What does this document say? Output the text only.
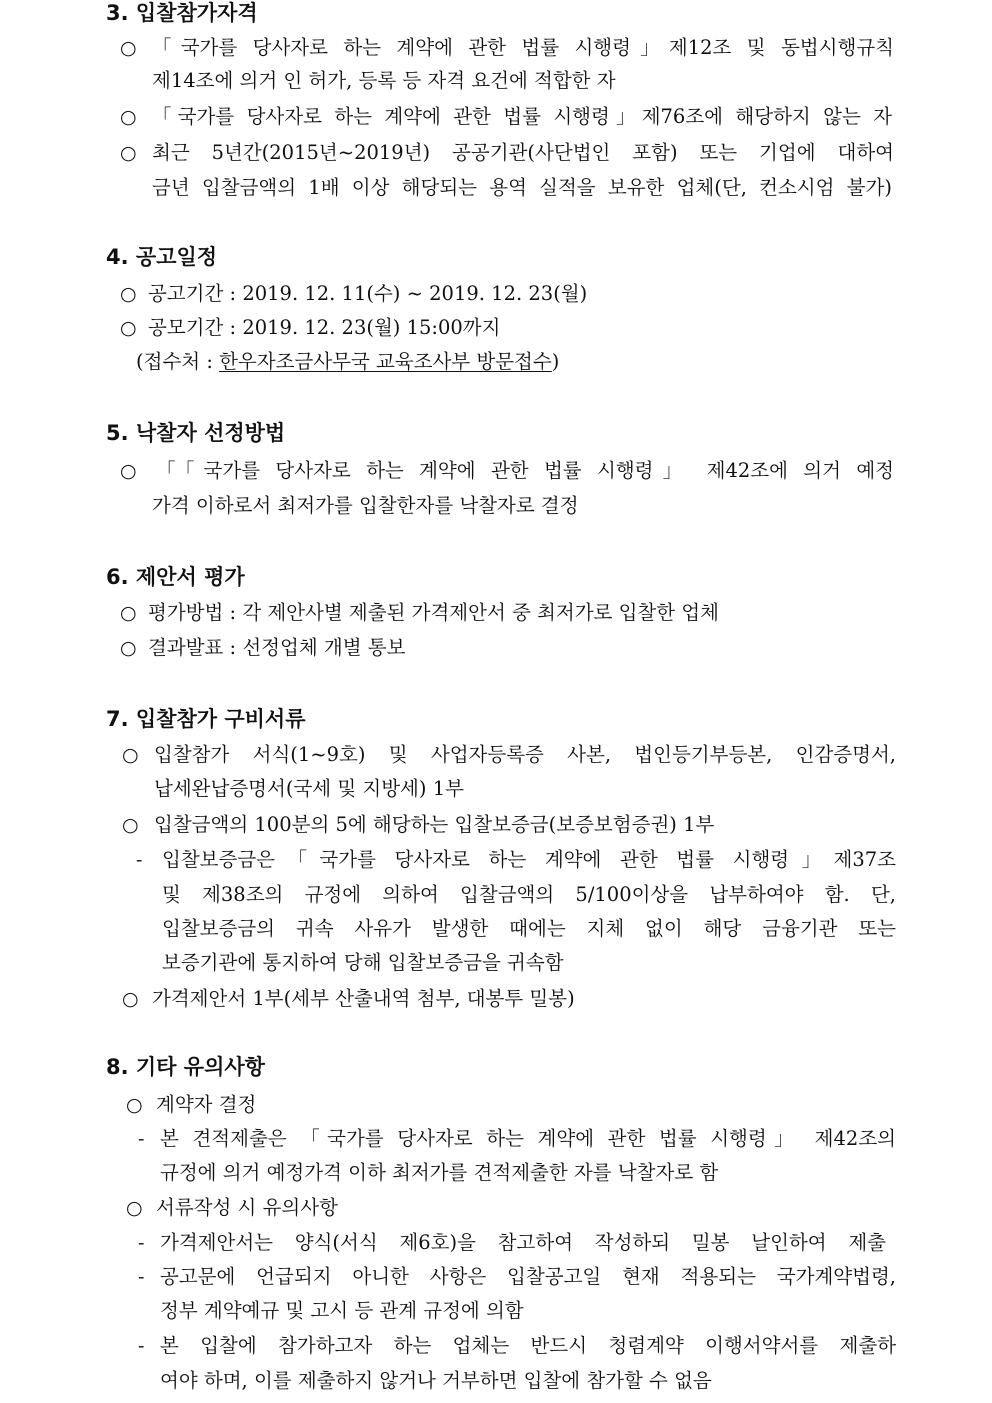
3. 입찰참가자격
○ 「국가를 당사자로 하는 계약에 관한 법률 시행령」제12조 및 동법시행규칙
제14조에 의거 인 허가, 등록 등 자격 요건에 적합한 자
○ 「국가를 당사자로 하는 계약에 관한 법률 시행령」제76조에 해당하지 않는 자
○ 최근 5년간(2015년~2019년) 공공기관(사단법인 포함) 또는 기업에 대하여
금년 입찰금액의 1배 이상 해당되는 용역 실적을 보유한 업체(단, 컨소시엄 불가)
4. 공고일정
○ 공고기간 : 2019. 12. 11(수) ~ 2019. 12. 23(월)
○ 공모기간 : 2019. 12. 23(월) 15:00까지
(접수처 : 한우자조금사무국 교육조사부 방문접수)
5. 낙찰자 선정방법
○ 「「국가를 당사자로 하는 계약에 관한 법률 시행령」 제42조에 의거 예정
가격 이하로서 최저가를 입찰한자를 낙찰자로 결정
6. 제안서 평가
○ 평가방법 : 각 제안사별 제출된 가격제안서 중 최저가로 입찰한 업체
○ 결과발표 : 선정업체 개별 통보
7. 입찰참가 구비서류
○ 입찰참가 서식(1~9호) 및 사업자등록증 사본, 법인등기부등본, 인감증명서,
납세완납증명서(국세 및 지방세) 1부
○ 입찰금액의 100분의 5에 해당하는 입찰보증금(보증보험증권) 1부
- 입찰보증금은「국가를 당사자로 하는 계약에 관한 법률 시행령」제37조
및 제38조의 규정에 의하여 입찰금액의 5/100이상을 납부하여야 함. 단,
입찰보증금의 귀속 사유가 발생한 때에는 지체 없이 해당 금융기관 또는
보증기관에 통지하여 당해 입찰보증금을 귀속함
○ 가격제안서 1부(세부 산출내역 첨부, 대봉투 밀봉)
8. 기타 유의사항
○ 계약자 결정
- 본 견적제출은 「국가를 당사자로 하는 계약에 관한 법률 시행령」 제42조의
규정에 의거 예정가격 이하 최저가를 견적제출한 자를 낙찰자로 함
○ 서류작성 시 유의사항
- 가격제안서는 양식(서식 제6호)을 참고하여 작성하되 밀봉 날인하여 제출
- 공고문에 언급되지 아니한 사항은 입찰공고일 현재 적용되는 국가계약법령,
정부 계약예규 및 고시 등 관계 규정에 의함
- 본 입찰에 참가하고자 하는 업체는 반드시 청렴계약 이행서약서를 제출하
여야 하며, 이를 제출하지 않거나 거부하면 입찰에 참가할 수 없음
